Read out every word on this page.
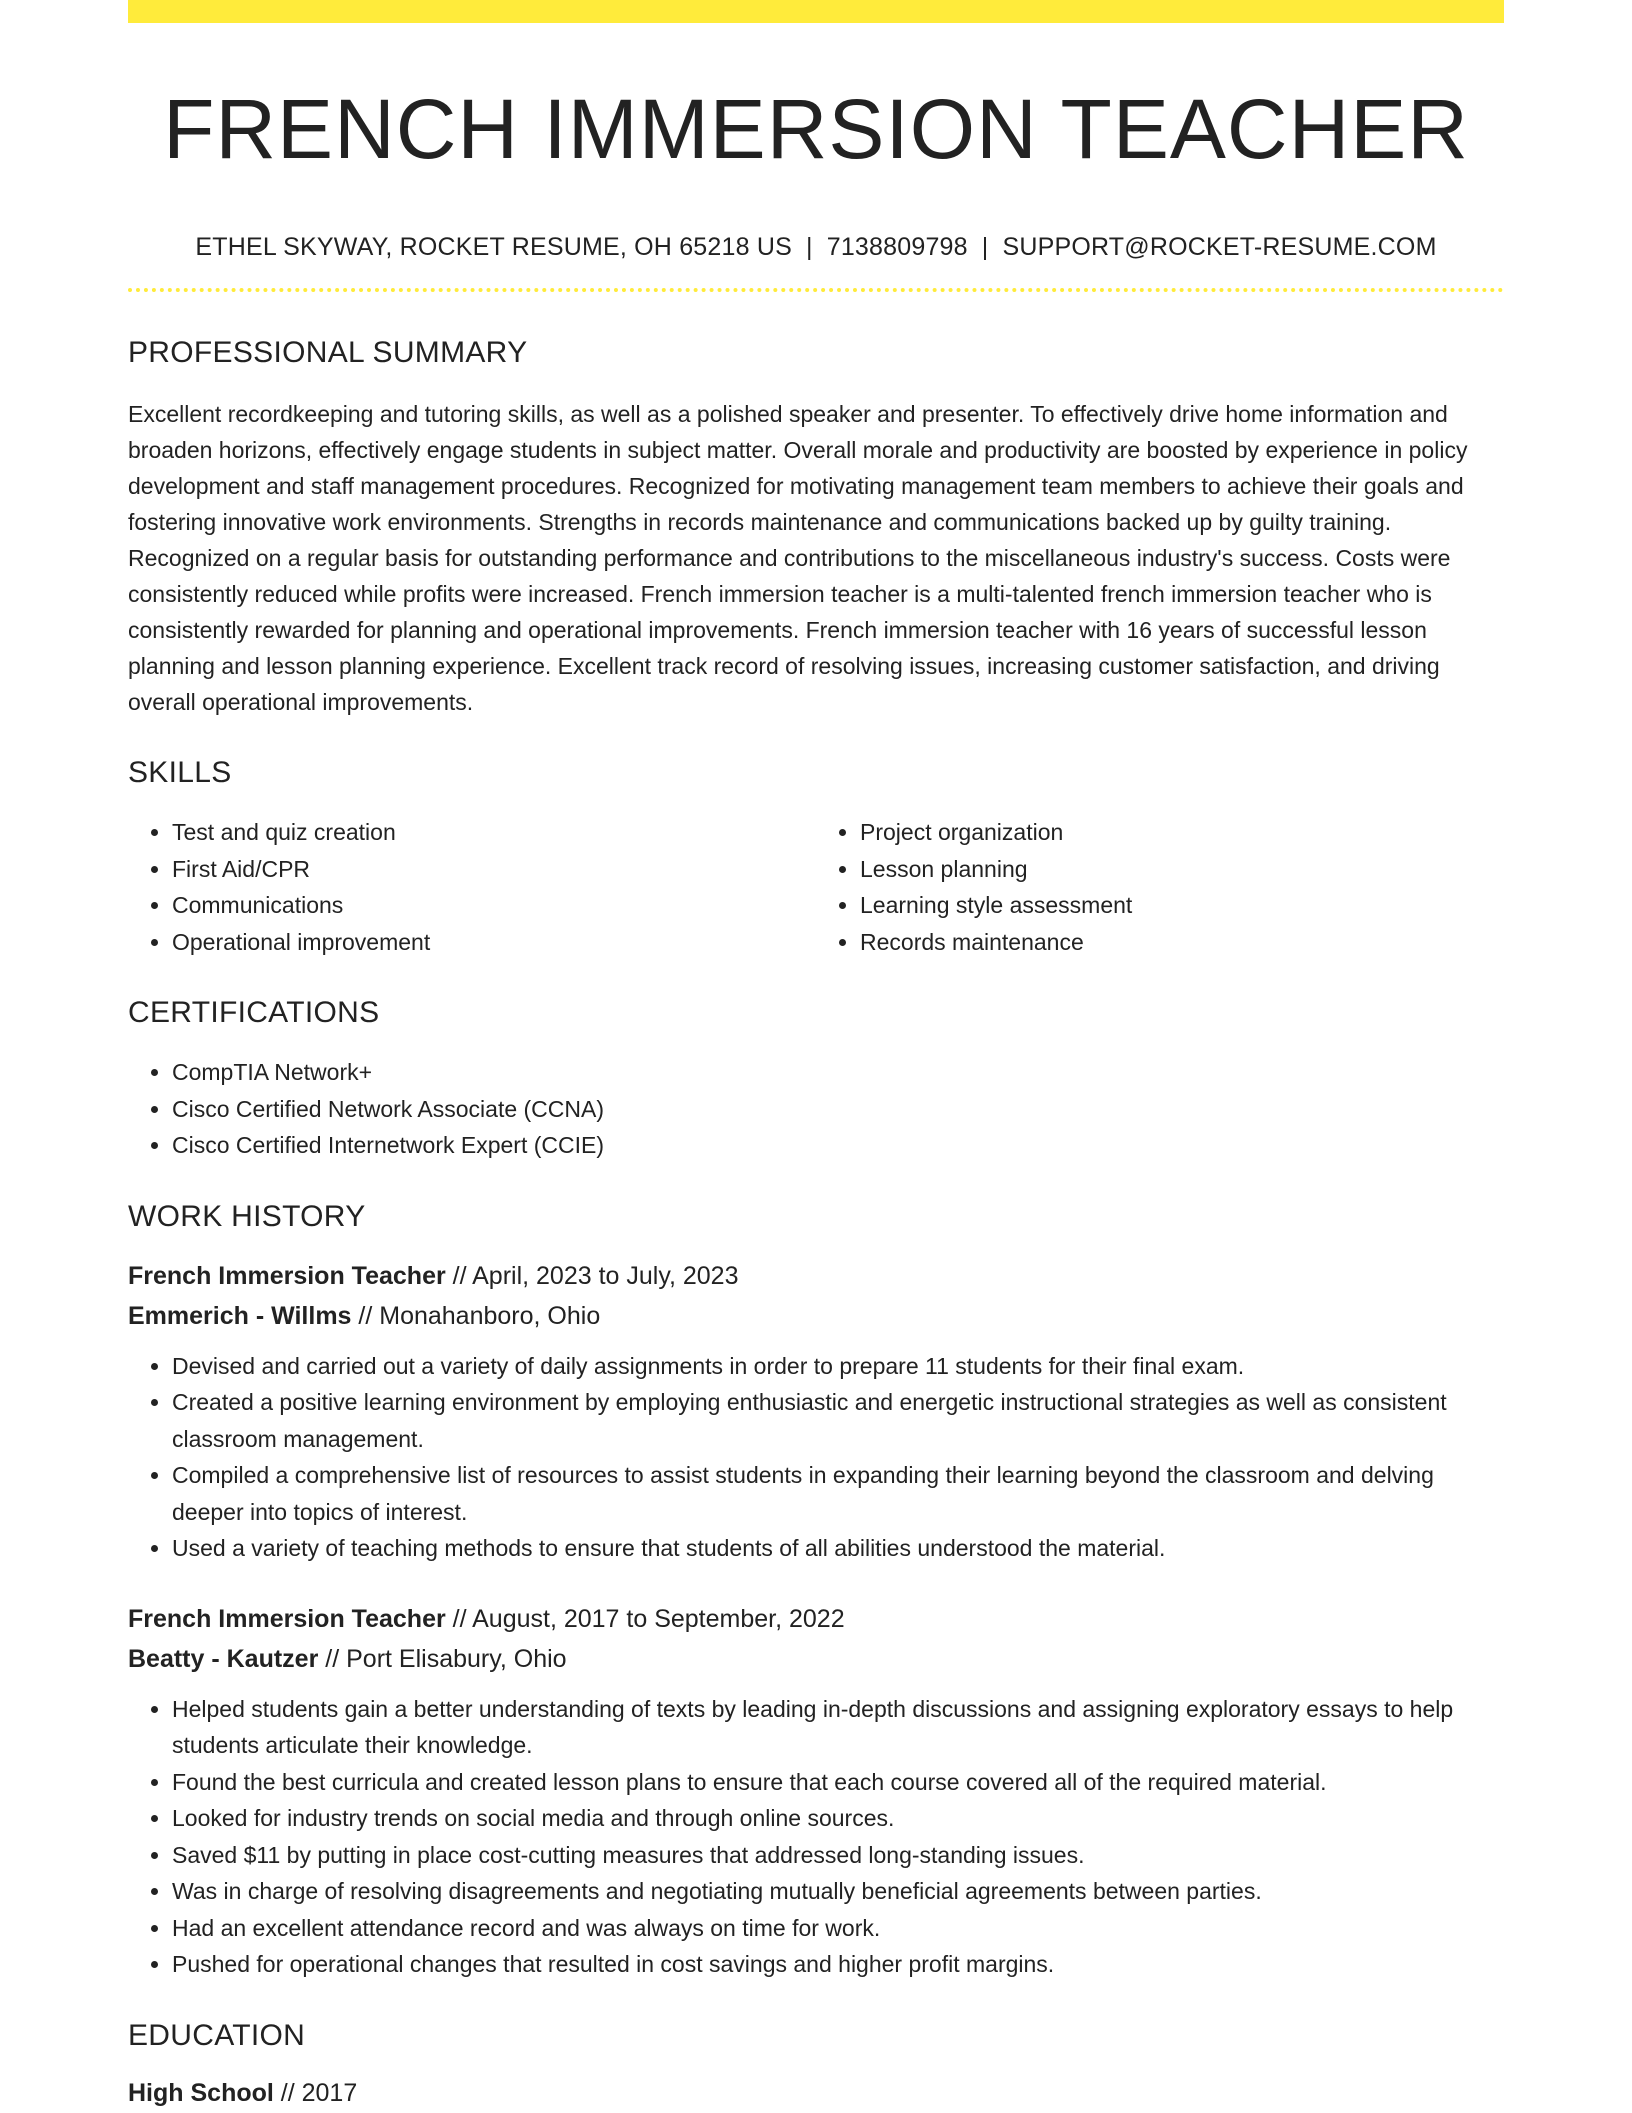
FRENCH IMMERSION TEACHER
ETHEL SKYWAY, ROCKET RESUME, OH 65218 US | 7138809798 | SUPPORT@ROCKET-RESUME.COM
PROFESSIONAL SUMMARY
Excellent recordkeeping and tutoring skills, as well as a polished speaker and presenter. To effectively drive home information and broaden horizons, effectively engage students in subject matter. Overall morale and productivity are boosted by experience in policy development and staff management procedures. Recognized for motivating management team members to achieve their goals and fostering innovative work environments. Strengths in records maintenance and communications backed up by guilty training. Recognized on a regular basis for outstanding performance and contributions to the miscellaneous industry's success. Costs were consistently reduced while profits were increased. French immersion teacher is a multi-talented french immersion teacher who is consistently rewarded for planning and operational improvements. French immersion teacher with 16 years of successful lesson planning and lesson planning experience. Excellent track record of resolving issues, increasing customer satisfaction, and driving overall operational improvements.
SKILLS
• Test and quiz creation
• First Aid/CPR
• Communications
• Operational improvement
• Project organization
• Lesson planning
• Learning style assessment
• Records maintenance
CERTIFICATIONS
• CompTIA Network+
• Cisco Certified Network Associate (CCNA)
• Cisco Certified Internetwork Expert (CCIE)
WORK HISTORY
French Immersion Teacher // April, 2023 to July, 2023
Emmerich - Willms // Monahanboro, Ohio
• Devised and carried out a variety of daily assignments in order to prepare 11 students for their final exam.
• Created a positive learning environment by employing enthusiastic and energetic instructional strategies as well as consistent classroom management.
• Compiled a comprehensive list of resources to assist students in expanding their learning beyond the classroom and delving deeper into topics of interest.
• Used a variety of teaching methods to ensure that students of all abilities understood the material.
French Immersion Teacher // August, 2017 to September, 2022
Beatty - Kautzer // Port Elisabury, Ohio
• Helped students gain a better understanding of texts by leading in-depth discussions and assigning exploratory essays to help students articulate their knowledge.
• Found the best curricula and created lesson plans to ensure that each course covered all of the required material.
• Looked for industry trends on social media and through online sources.
• Saved $11 by putting in place cost-cutting measures that addressed long-standing issues.
• Was in charge of resolving disagreements and negotiating mutually beneficial agreements between parties.
• Had an excellent attendance record and was always on time for work.
• Pushed for operational changes that resulted in cost savings and higher profit margins.
EDUCATION
High School // 2017
